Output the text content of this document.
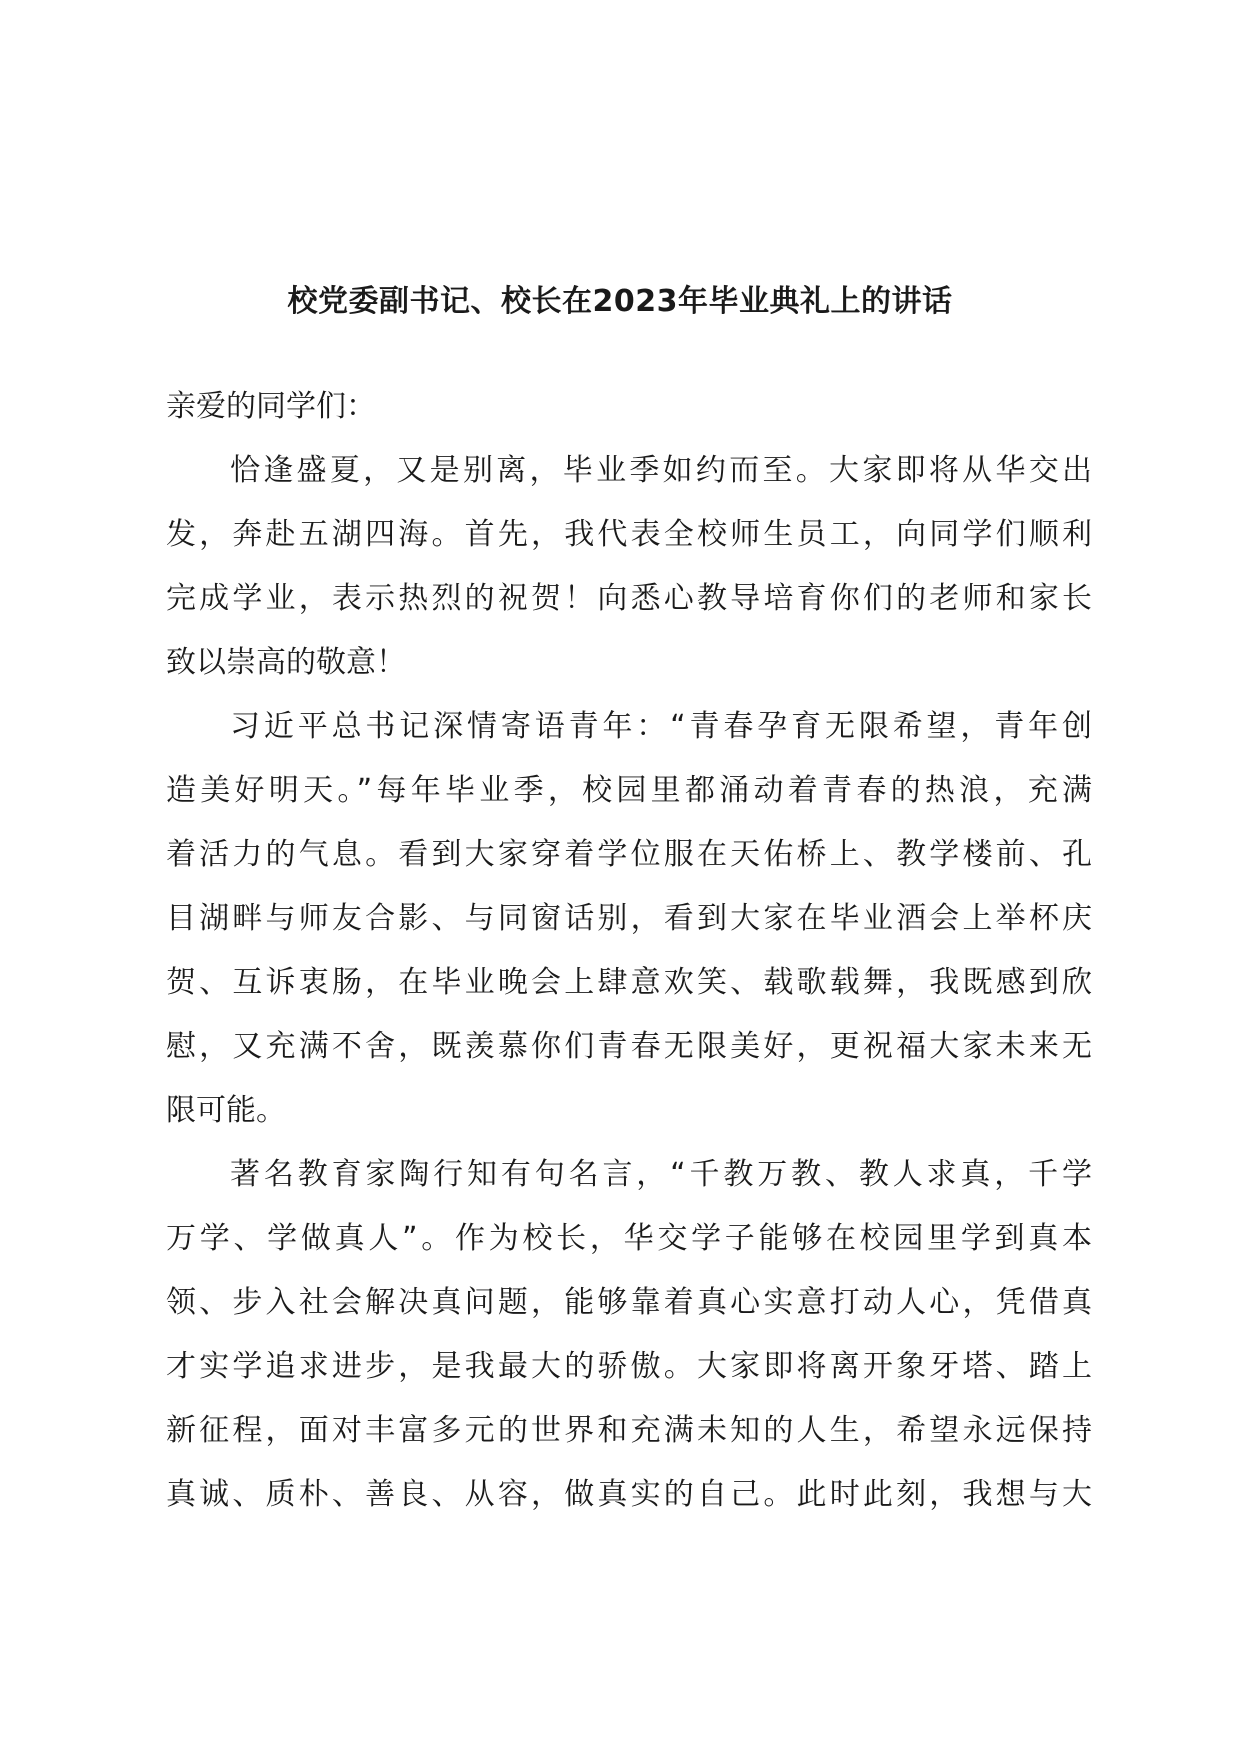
校党委副书记、校长在2023年毕业典礼上的讲话
亲爱的同学们：
恰逢盛夏，又是别离，毕业季如约而至。大家即将从华交出
发，奔赴五湖四海。首先，我代表全校师生员工，向同学们顺利
完成学业，表示热烈的祝贺！向悉心教导培育你们的老师和家长
致以崇高的敬意！
习近平总书记深情寄语青年：“青春孕育无限希望，青年创
造美好明天。”每年毕业季，校园里都涌动着青春的热浪，充满
着活力的气息。看到大家穿着学位服在天佑桥上、教学楼前、孔
目湖畔与师友合影、与同窗话别，看到大家在毕业酒会上举杯庆
贺、互诉衷肠，在毕业晚会上肆意欢笑、载歌载舞，我既感到欣
慰，又充满不舍，既羡慕你们青春无限美好，更祝福大家未来无
限可能。
著名教育家陶行知有句名言，“千教万教、教人求真，千学
万学、学做真人”。作为校长，华交学子能够在校园里学到真本
领、步入社会解决真问题，能够靠着真心实意打动人心，凭借真
才实学追求进步，是我最大的骄傲。大家即将离开象牙塔、踏上
新征程，面对丰富多元的世界和充满未知的人生，希望永远保持
真诚、质朴、善良、从容，做真实的自己。此时此刻，我想与大
